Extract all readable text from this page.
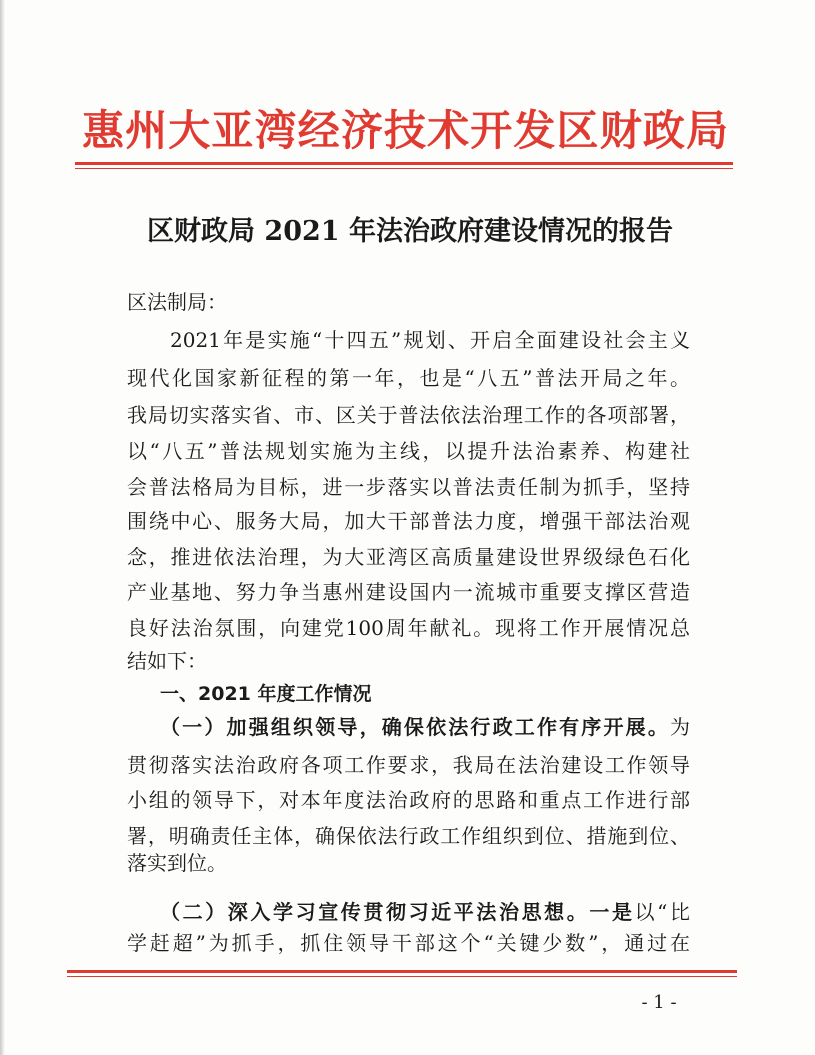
惠州大亚湾经济技术开发区财政局
区财政局 2021 年法治政府建设情况的报告
区法制局：
2021年是实施“十四五”规划、开启全面建设社会主义
现代化国家新征程的第一年，也是“八五”普法开局之年。
我局切实落实省、市、区关于普法依法治理工作的各项部署，
以“八五”普法规划实施为主线，以提升法治素养、构建社
会普法格局为目标，进一步落实以普法责任制为抓手，坚持
围绕中心、服务大局，加大干部普法力度，增强干部法治观
念，推进依法治理，为大亚湾区高质量建设世界级绿色石化
产业基地、努力争当惠州建设国内一流城市重要支撑区营造
良好法治氛围，向建党100周年献礼。现将工作开展情况总
结如下：
一、2021 年度工作情况
（一）加强组织领导，确保依法行政工作有序开展。为
贯彻落实法治政府各项工作要求，我局在法治建设工作领导
小组的领导下，对本年度法治政府的思路和重点工作进行部
署，明确责任主体，确保依法行政工作组织到位、措施到位、
落实到位。
（二）深入学习宣传贯彻习近平法治思想。一是以“比
学赶超”为抓手，抓住领导干部这个“关键少数”，通过在
- 1 -
